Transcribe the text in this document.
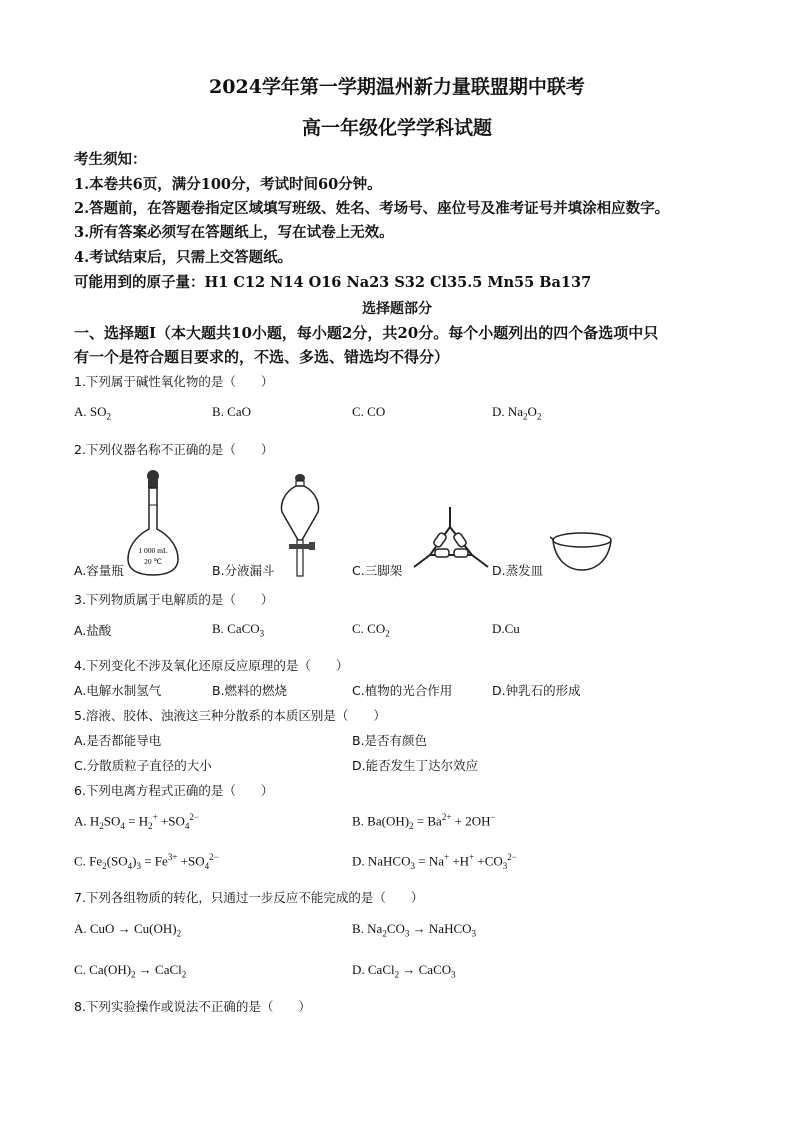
2024学年第一学期温州新力量联盟期中联考
高一年级化学学科试题
考生须知：
1.本卷共6页，满分100分，考试时间60分钟。
2.答题前，在答题卷指定区域填写班级、姓名、考场号、座位号及准考证号并填涂相应数字。
3.所有答案必须写在答题纸上，写在试卷上无效。
4.考试结束后，只需上交答题纸。
可能用到的原子量：H1 C12 N14 O16 Na23 S32 Cl35.5 Mn55 Ba137
选择题部分
一、选择题Ⅰ（本大题共10小题，每小题2分，共20分。每个小题列出的四个备选项中只
有一个是符合题目要求的，不选、多选、错选均不得分）
1.下列属于碱性氧化物的是（　　）
A. $SO_2$	B. CaO	C. CO	D. $Na_2O_2$
2.下列仪器名称不正确的是（　　）
1 000 mL
20 ℃
A.容量瓶	B.分液漏斗	C.三脚架	D.蒸发皿
3.下列物质属于电解质的是（　　）
A.盐酸	B. CaCO$_3$	C. $CO_2$	D.Cu
4.下列变化不涉及氧化还原反应原理的是（　　）
A.电解水制氢气	B.燃料的燃烧	C.植物的光合作用	D.钟乳石的形成
5.溶液、胶体、浊液这三种分散系的本质区别是（　　）
A.是否都能导电	B.是否有颜色
C.分散质粒子直径的大小	D.能否发生丁达尔效应
6.下列电离方程式正确的是（　　）
A. $H_2SO_4 = H_2^+ +SO_4^{2-}$	B. $Ba(OH)_2 = Ba^{2+} + 2OH^-$
C. $Fe_2(SO_4)_3 = Fe^{3+} +SO_4^{2-}$	D. NaHCO$_3$ = $Na^+ +H^+ +CO_3^{2-}$
7.下列各组物质的转化，只通过一步反应不能完成的是（　　）
A. CuO → $Cu(OH)_2$	B. $Na_2CO_3$ → NaHCO$_3$
C. $Ca(OH)_2$ → CaCl$_2$	D. CaCl$_2$ → CaCO$_3$
8.下列实验操作或说法不正确的是（　　）
